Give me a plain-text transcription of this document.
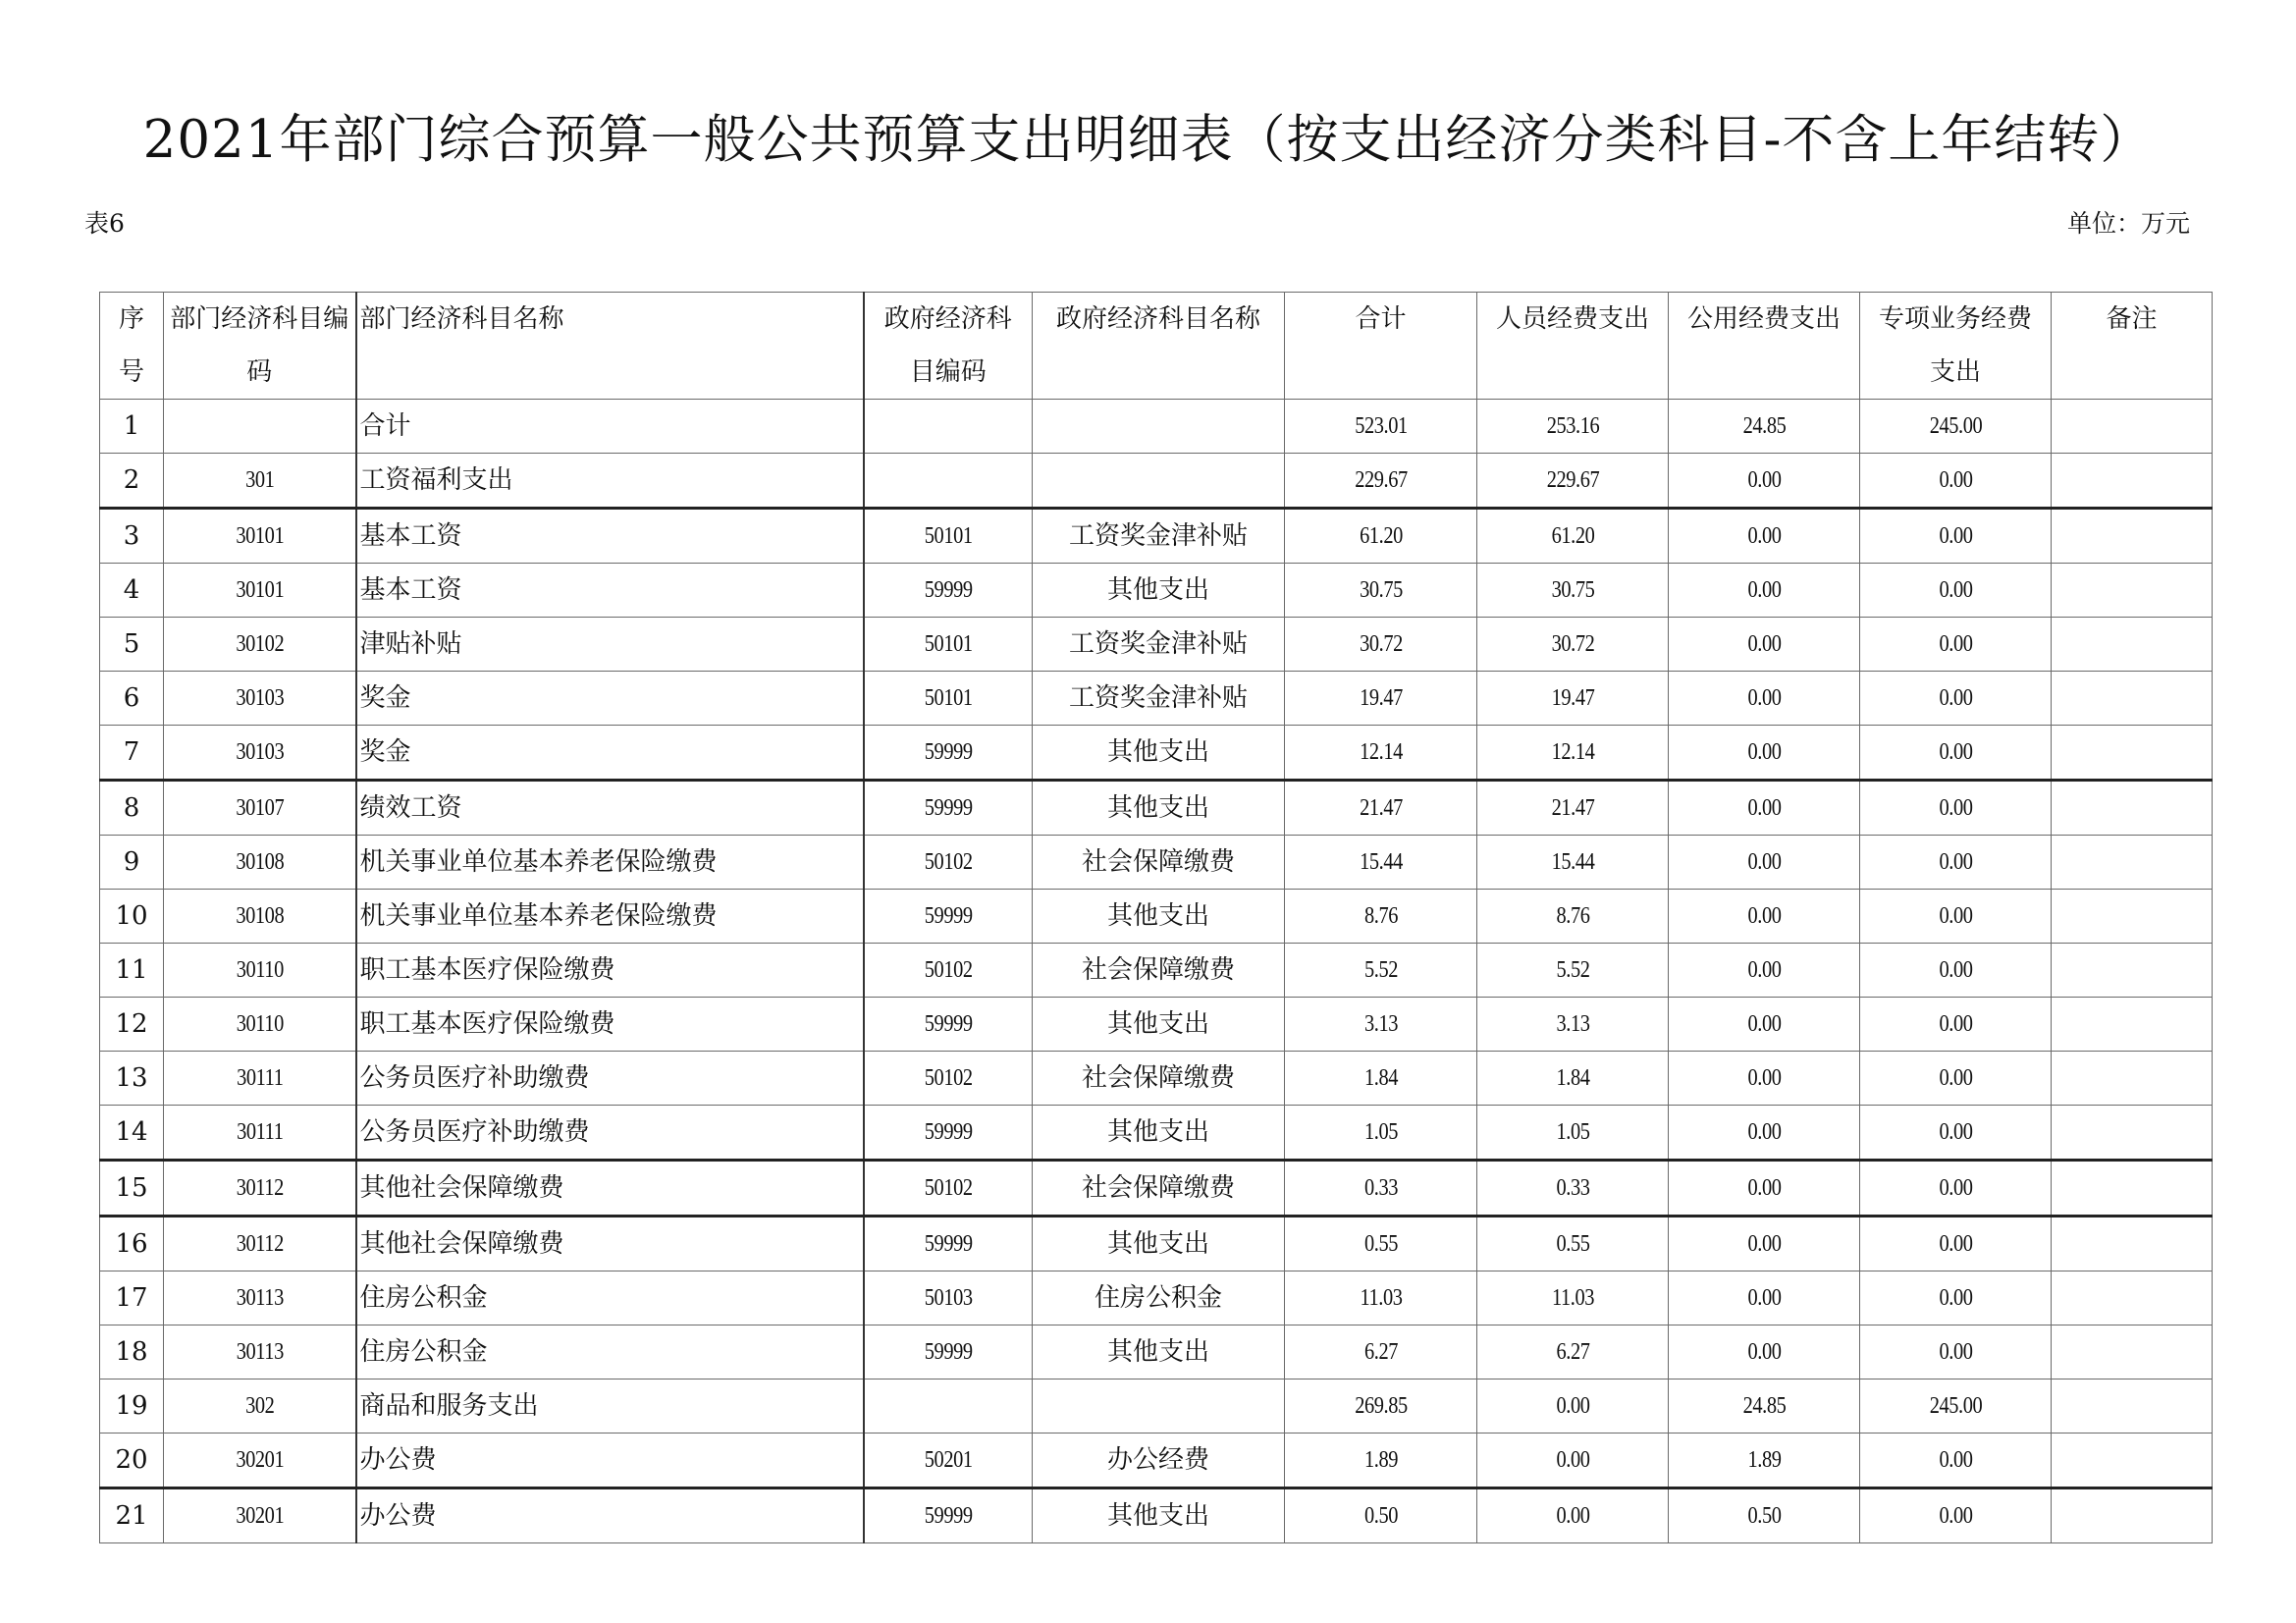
2021年部门综合预算一般公共预算支出明细表（按支出经济分类科目-不含上年结转）
表6	单位：万元
序号	部门经济科目编码	部门经济科目名称	政府经济科目编码	政府经济科目名称	合计	人员经费支出	公用经费支出	专项业务经费支出	备注
1		合计			523.01	253.16	24.85	245.00	
2	301	工资福利支出			229.67	229.67	0.00	0.00	
3	30101	基本工资	50101	工资奖金津补贴	61.20	61.20	0.00	0.00	
4	30101	基本工资	59999	其他支出	30.75	30.75	0.00	0.00	
5	30102	津贴补贴	50101	工资奖金津补贴	30.72	30.72	0.00	0.00	
6	30103	奖金	50101	工资奖金津补贴	19.47	19.47	0.00	0.00	
7	30103	奖金	59999	其他支出	12.14	12.14	0.00	0.00	
8	30107	绩效工资	59999	其他支出	21.47	21.47	0.00	0.00	
9	30108	机关事业单位基本养老保险缴费	50102	社会保障缴费	15.44	15.44	0.00	0.00	
10	30108	机关事业单位基本养老保险缴费	59999	其他支出	8.76	8.76	0.00	0.00	
11	30110	职工基本医疗保险缴费	50102	社会保障缴费	5.52	5.52	0.00	0.00	
12	30110	职工基本医疗保险缴费	59999	其他支出	3.13	3.13	0.00	0.00	
13	30111	公务员医疗补助缴费	50102	社会保障缴费	1.84	1.84	0.00	0.00	
14	30111	公务员医疗补助缴费	59999	其他支出	1.05	1.05	0.00	0.00	
15	30112	其他社会保障缴费	50102	社会保障缴费	0.33	0.33	0.00	0.00	
16	30112	其他社会保障缴费	59999	其他支出	0.55	0.55	0.00	0.00	
17	30113	住房公积金	50103	住房公积金	11.03	11.03	0.00	0.00	
18	30113	住房公积金	59999	其他支出	6.27	6.27	0.00	0.00	
19	302	商品和服务支出			269.85	0.00	24.85	245.00	
20	30201	办公费	50201	办公经费	1.89	0.00	1.89	0.00	
21	30201	办公费	59999	其他支出	0.50	0.00	0.50	0.00	
